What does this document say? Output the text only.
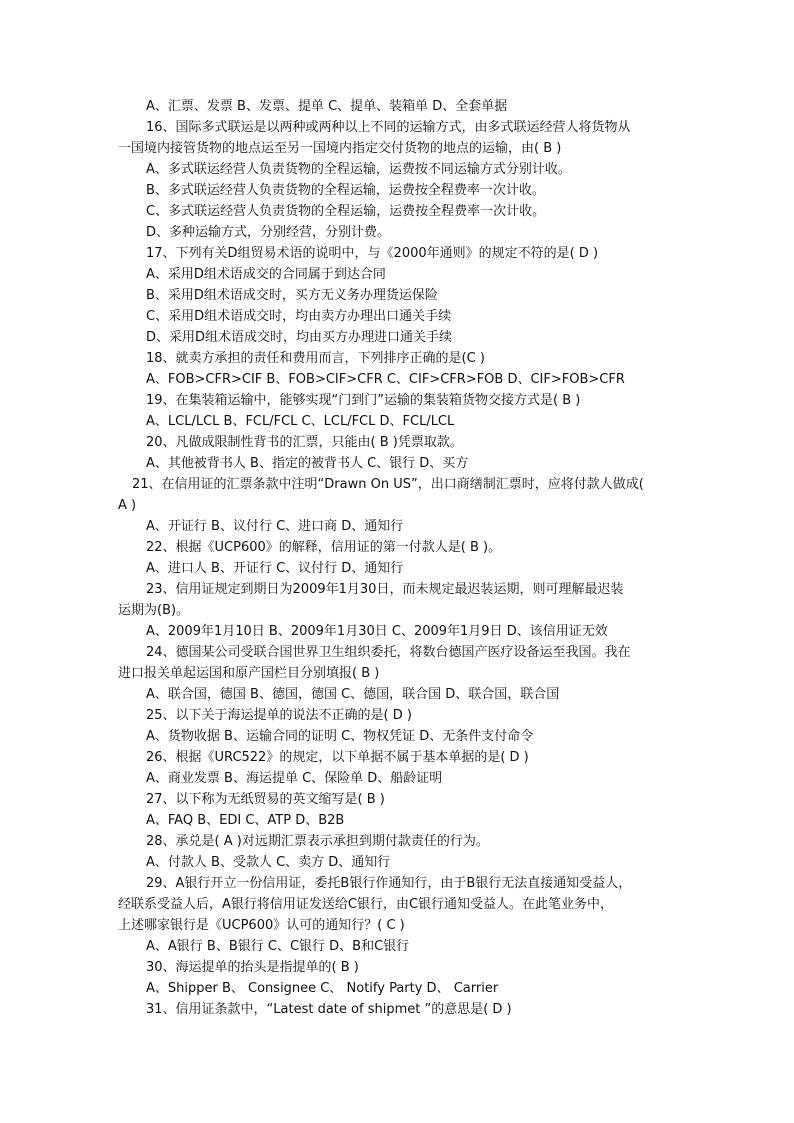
A、汇票、发票 B、发票、提单 C、提单、装箱单 D、全套单据
16、国际多式联运是以两种或两种以上不同的运输方式，由多式联运经营人将货物从
一国境内接管货物的地点运至另一国境内指定交付货物的地点的运输，由( B )
A、多式联运经营人负责货物的全程运输，运费按不同运输方式分别计收。
B、多式联运经营人负责货物的全程运输，运费按全程费率一次计收。
C、多式联运经营人负责货物的全程运输，运费按全程费率一次计收。
D、多种运输方式，分别经营，分别计费。
17、下列有关D组贸易术语的说明中，与《2000年通则》的规定不符的是( D )
A、采用D组术语成交的合同属于到达合同
B、采用D组术语成交时，买方无义务办理货运保险
C、采用D组术语成交时，均由卖方办理出口通关手续
D、采用D组术语成交时，均由买方办理进口通关手续
18、就卖方承担的责任和费用而言，下列排序正确的是(C )
A、FOB>CFR>CIF B、FOB>CIF>CFR C、CIF>CFR>FOB D、CIF>FOB>CFR
19、在集装箱运输中，能够实现“门到门”运输的集装箱货物交接方式是( B )
A、LCL/LCL B、FCL/FCL C、LCL/FCL D、FCL/LCL
20、凡做成限制性背书的汇票，只能由( B )凭票取款。
A、其他被背书人 B、指定的被背书人 C、银行 D、买方
21、在信用证的汇票条款中注明“Drawn On US”，出口商缮制汇票时，应将付款人做成(
A )
A、开证行 B、议付行 C、进口商 D、通知行
22、根据《UCP600》的解释，信用证的第一付款人是( B )。
A、进口人 B、开证行 C、议付行 D、通知行
23、信用证规定到期日为2009年1月30日，而未规定最迟装运期，则可理解最迟装
运期为(B)。
A、2009年1月10日 B、2009年1月30日 C、2009年1月9日 D、该信用证无效
24、德国某公司受联合国世界卫生组织委托，将数台德国产医疗设备运至我国。我在
进口报关单起运国和原产国栏目分别填报( B )
A、联合国，德国 B、德国，德国 C、德国，联合国 D、联合国，联合国
25、以下关于海运提单的说法不正确的是( D )
A、货物收据 B、运输合同的证明 C、物权凭证 D、无条件支付命令
26、根据《URC522》的规定，以下单据不属于基本单据的是( D )
A、商业发票 B、海运提单 C、保险单 D、船龄证明
27、以下称为无纸贸易的英文缩写是( B )
A、FAQ B、EDI C、ATP D、B2B
28、承兑是( A )对远期汇票表示承担到期付款责任的行为。
A、付款人 B、受款人 C、卖方 D、通知行
29、A银行开立一份信用证，委托B银行作通知行，由于B银行无法直接通知受益人，
经联系受益人后，A银行将信用证发送给C银行，由C银行通知受益人。在此笔业务中，
上述哪家银行是《UCP600》认可的通知行？( C )
A、A银行 B、B银行 C、C银行 D、B和C银行
30、海运提单的抬头是指提单的( B )
A、Shipper B、 Consignee C、 Notify Party D、 Carrier
31、信用证条款中，“Latest date of shipmet ”的意思是( D )
